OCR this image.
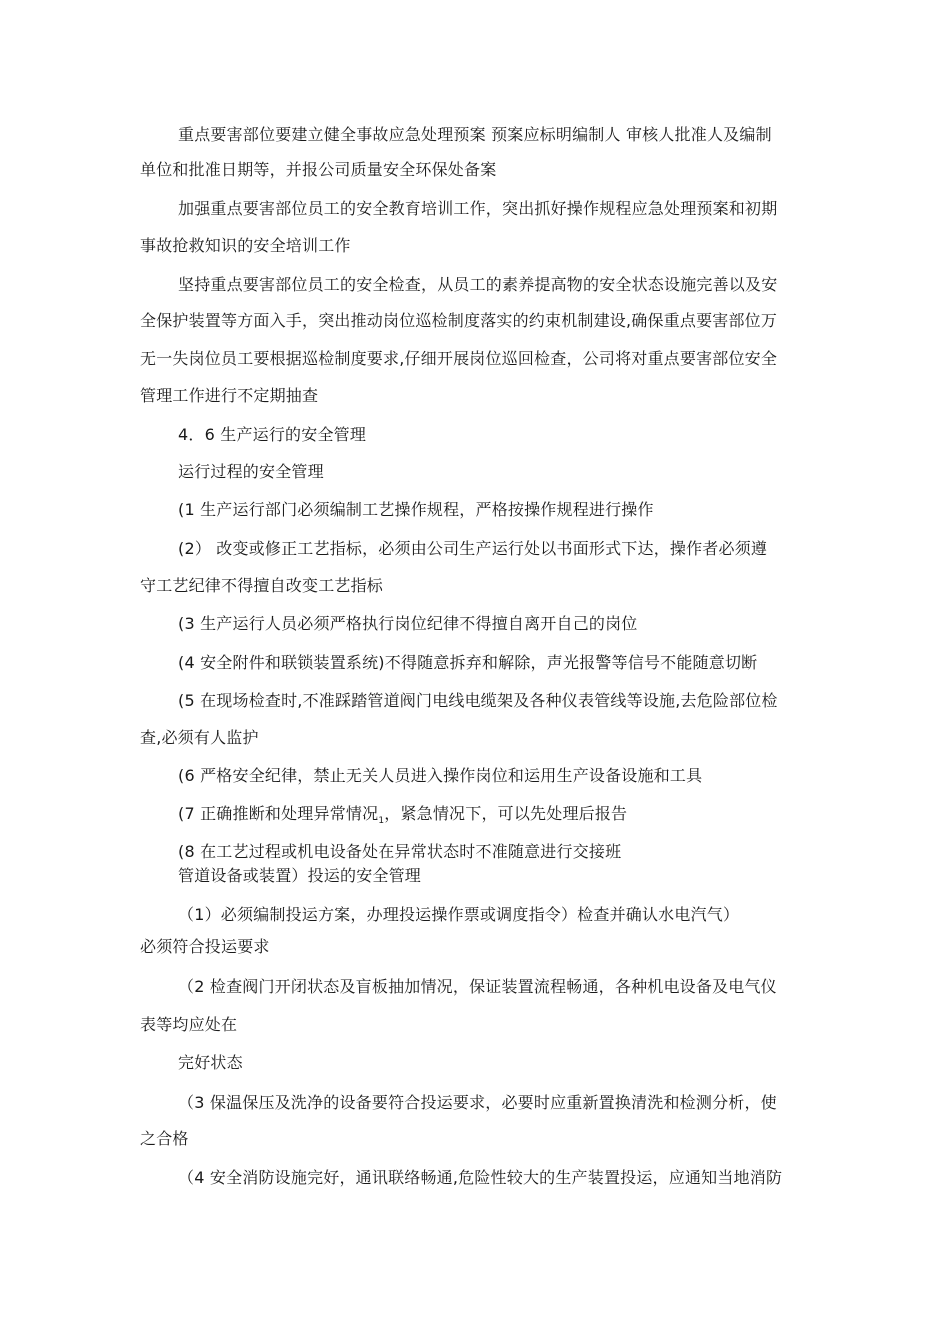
重点要害部位要建立健全事故应急处理预案 预案应标明编制人 审核人批准人及编制
单位和批准日期等，并报公司质量安全环保处备案
加强重点要害部位员工的安全教育培训工作，突出抓好操作规程应急处理预案和初期
事故抢救知识的安全培训工作
坚持重点要害部位员工的安全检查，从员工的素养提高物的安全状态设施完善以及安
全保护装置等方面入手，突出推动岗位巡检制度落实的约束机制建设,确保重点要害部位万
无一失岗位员工要根据巡检制度要求,仔细开展岗位巡回检查，公司将对重点要害部位安全
管理工作进行不定期抽查
4．6 生产运行的安全管理
运行过程的安全管理
(1 生产运行部门必须编制工艺操作规程，严格按操作规程进行操作
(2） 改变或修正工艺指标，必须由公司生产运行处以书面形式下达，操作者必须遵
守工艺纪律不得擅自改变工艺指标
(3 生产运行人员必须严格执行岗位纪律不得擅自离开自己的岗位
(4 安全附件和联锁装置系统)不得随意拆弃和解除，声光报警等信号不能随意切断
(5 在现场检查时,不准踩踏管道阀门电线电缆架及各种仪表管线等设施,去危险部位检
查,必须有人监护
(6 严格安全纪律，禁止无关人员进入操作岗位和运用生产设备设施和工具
(7 正确推断和处理异常情况$_1$，紧急情况下，可以先处理后报告
(8 在工艺过程或机电设备处在异常状态时不准随意进行交接班
管道设备或装置）投运的安全管理
（1）必须编制投运方案，办理投运操作票或调度指令）检查并确认水电汽气）
必须符合投运要求
（2 检查阀门开闭状态及盲板抽加情况，保证装置流程畅通，各种机电设备及电气仪
表等均应处在
完好状态
（3 保温保压及洗净的设备要符合投运要求，必要时应重新置换清洗和检测分析，使
之合格
（4 安全消防设施完好，通讯联络畅通,危险性较大的生产装置投运，应通知当地消防
